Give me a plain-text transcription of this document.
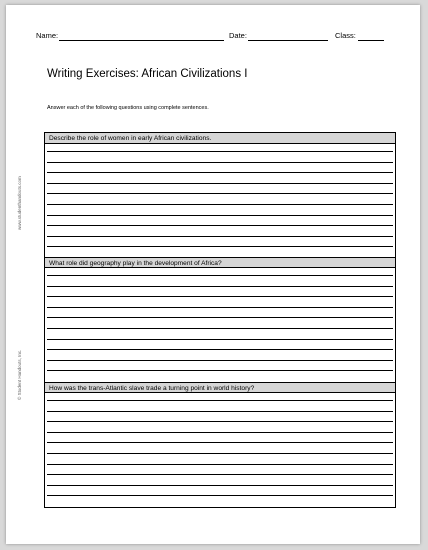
Name:	Date:	Class:
Writing Exercises: African Civilizations I
Answer each of the following questions using complete sentences.
www.studenthandouts.com
© Student Handouts, Inc.
Describe the role of women in early African civilizations.
What role did geography play in the development of Africa?
How was the trans-Atlantic slave trade a turning point in world history?
